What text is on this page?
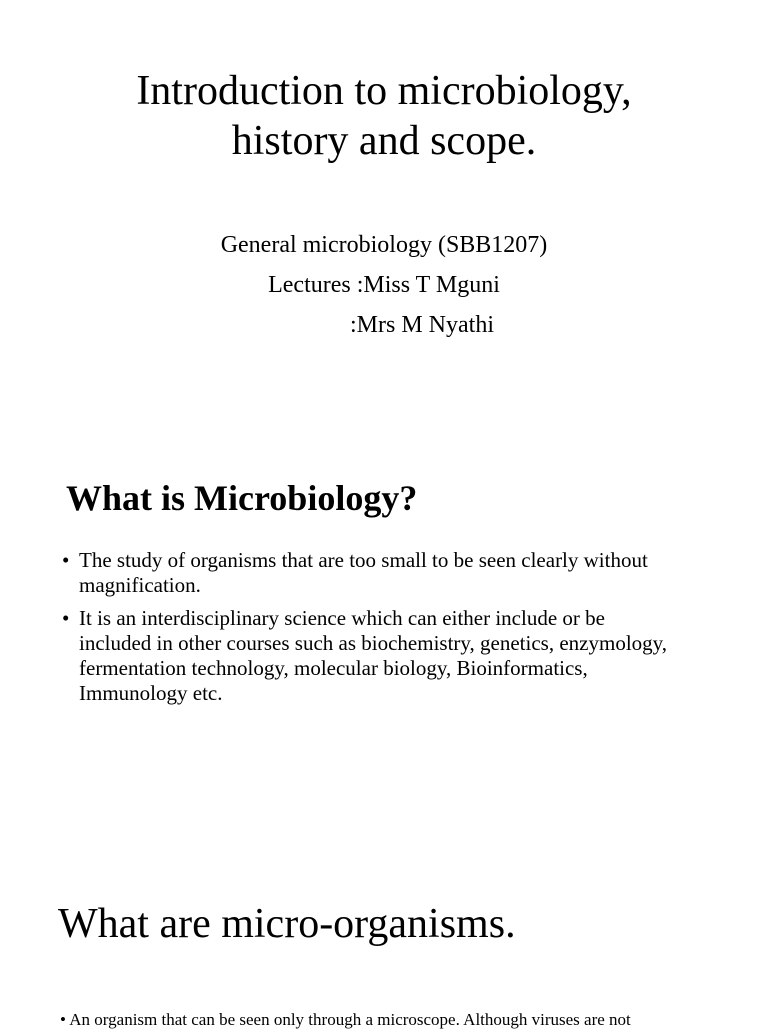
Introduction to microbiology, history and scope.
General microbiology (SBB1207)
Lectures :Miss T Mguni
:Mrs M Nyathi
What is Microbiology?
• The study of organisms that are too small to be seen clearly without magnification.
• It is an interdisciplinary science which can either include or be included in other courses such as biochemistry, genetics, enzymology, fermentation technology, molecular biology, Bioinformatics, Immunology etc.
What are micro-organisms.
• An organism that can be seen only through a microscope. Although viruses are not
